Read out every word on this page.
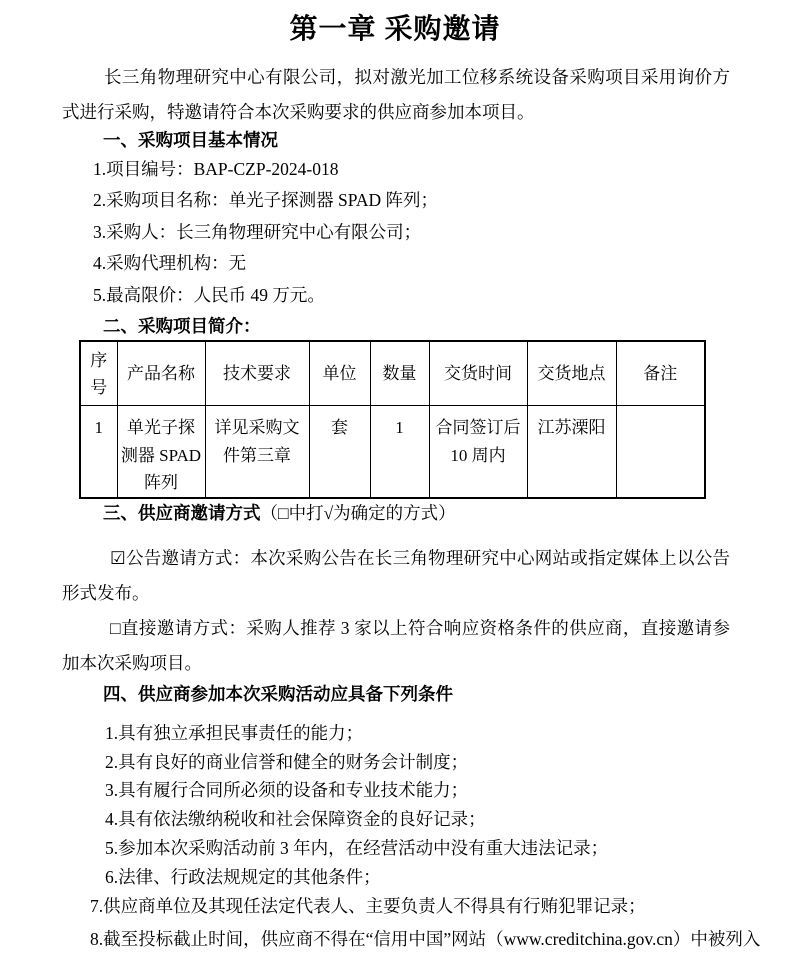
第一章 采购邀请
长三角物理研究中心有限公司，拟对激光加工位移系统设备采购项目采用询价方式进行采购，特邀请符合本次采购要求的供应商参加本项目。
一、采购项目基本情况
1.项目编号：BAP-CZP-2024-018
2.采购项目名称：单光子探测器 SPAD 阵列；
3.采购人：长三角物理研究中心有限公司；
4.采购代理机构：无
5.最高限价：人民币 49 万元。
二、采购项目简介：
序号	产品名称	技术要求	单位	数量	交货时间	交货地点	备注
1	单光子探测器 SPAD 阵列	详见采购文件第三章	套	1	合同签订后 10 周内	江苏溧阳	
三、供应商邀请方式（□中打√为确定的方式）
☑公告邀请方式：本次采购公告在长三角物理研究中心网站或指定媒体上以公告形式发布。
□直接邀请方式：采购人推荐 3 家以上符合响应资格条件的供应商，直接邀请参加本次采购项目。
四、供应商参加本次采购活动应具备下列条件
1.具有独立承担民事责任的能力；
2.具有良好的商业信誉和健全的财务会计制度；
3.具有履行合同所必须的设备和专业技术能力；
4.具有依法缴纳税收和社会保障资金的良好记录；
5.参加本次采购活动前 3 年内，在经营活动中没有重大违法记录；
6.法律、行政法规规定的其他条件；
7.供应商单位及其现任法定代表人、主要负责人不得具有行贿犯罪记录；
8.截至投标截止时间，供应商不得在“信用中国”网站（www.creditchina.gov.cn）中被列入
